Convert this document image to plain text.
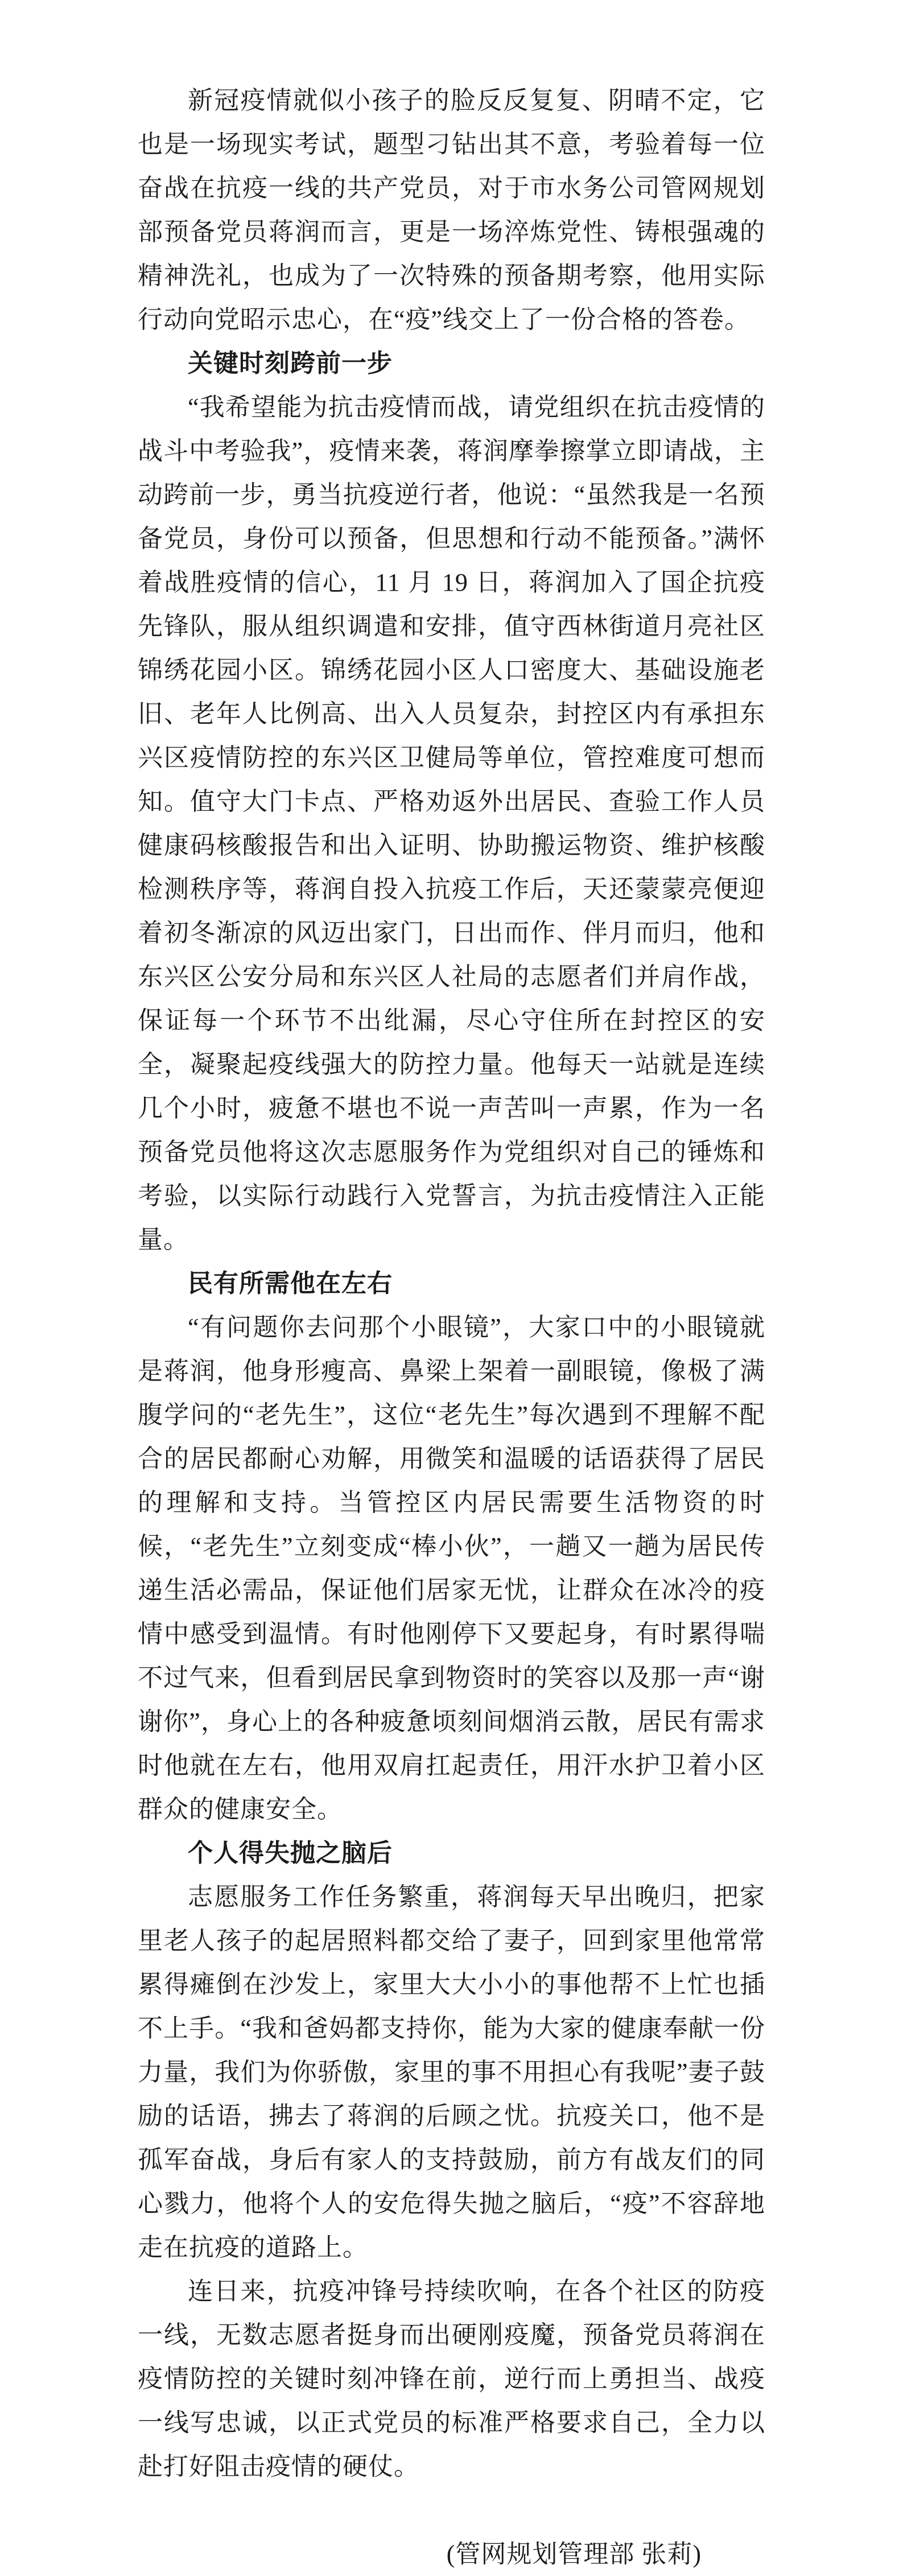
新冠疫情就似小孩子的脸反反复复、阴晴不定，它也是一场现实考试，题型刁钻出其不意，考验着每一位奋战在抗疫一线的共产党员，对于市水务公司管网规划部预备党员蒋润而言，更是一场淬炼党性、铸根强魂的精神洗礼，也成为了一次特殊的预备期考察，他用实际行动向党昭示忠心，在“疫”线交上了一份合格的答卷。

关键时刻跨前一步

“我希望能为抗击疫情而战，请党组织在抗击疫情的战斗中考验我”，疫情来袭，蒋润摩拳擦掌立即请战，主动跨前一步，勇当抗疫逆行者，他说：“虽然我是一名预备党员，身份可以预备，但思想和行动不能预备。”满怀着战胜疫情的信心，11 月 19 日，蒋润加入了国企抗疫先锋队，服从组织调遣和安排，值守西林街道月亮社区锦绣花园小区。锦绣花园小区人口密度大、基础设施老旧、老年人比例高、出入人员复杂，封控区内有承担东兴区疫情防控的东兴区卫健局等单位，管控难度可想而知。值守大门卡点、严格劝返外出居民、查验工作人员健康码核酸报告和出入证明、协助搬运物资、维护核酸检测秩序等，蒋润自投入抗疫工作后，天还蒙蒙亮便迎着初冬渐凉的风迈出家门，日出而作、伴月而归，他和东兴区公安分局和东兴区人社局的志愿者们并肩作战，保证每一个环节不出纰漏，尽心守住所在封控区的安全，凝聚起疫线强大的防控力量。他每天一站就是连续几个小时，疲惫不堪也不说一声苦叫一声累，作为一名预备党员他将这次志愿服务作为党组织对自己的锤炼和考验，以实际行动践行入党誓言，为抗击疫情注入正能量。

民有所需他在左右

“有问题你去问那个小眼镜”，大家口中的小眼镜就是蒋润，他身形瘦高、鼻梁上架着一副眼镜，像极了满腹学问的“老先生”，这位“老先生”每次遇到不理解不配合的居民都耐心劝解，用微笑和温暖的话语获得了居民的理解和支持。当管控区内居民需要生活物资的时候，“老先生”立刻变成“棒小伙”，一趟又一趟为居民传递生活必需品，保证他们居家无忧，让群众在冰冷的疫情中感受到温情。有时他刚停下又要起身，有时累得喘不过气来，但看到居民拿到物资时的笑容以及那一声“谢谢你”，身心上的各种疲惫顷刻间烟消云散，居民有需求时他就在左右，他用双肩扛起责任，用汗水护卫着小区群众的健康安全。

个人得失抛之脑后

志愿服务工作任务繁重，蒋润每天早出晚归，把家里老人孩子的起居照料都交给了妻子，回到家里他常常累得瘫倒在沙发上，家里大大小小的事他帮不上忙也插不上手。“我和爸妈都支持你，能为大家的健康奉献一份力量，我们为你骄傲，家里的事不用担心有我呢”妻子鼓励的话语，拂去了蒋润的后顾之忧。抗疫关口，他不是孤军奋战，身后有家人的支持鼓励，前方有战友们的同心戮力，他将个人的安危得失抛之脑后，“疫”不容辞地走在抗疫的道路上。

连日来，抗疫冲锋号持续吹响，在各个社区的防疫一线，无数志愿者挺身而出硬刚疫魔，预备党员蒋润在疫情防控的关键时刻冲锋在前，逆行而上勇担当、战疫一线写忠诚，以正式党员的标准严格要求自己，全力以赴打好阻击疫情的硬仗。

(管网规划管理部 张莉)
